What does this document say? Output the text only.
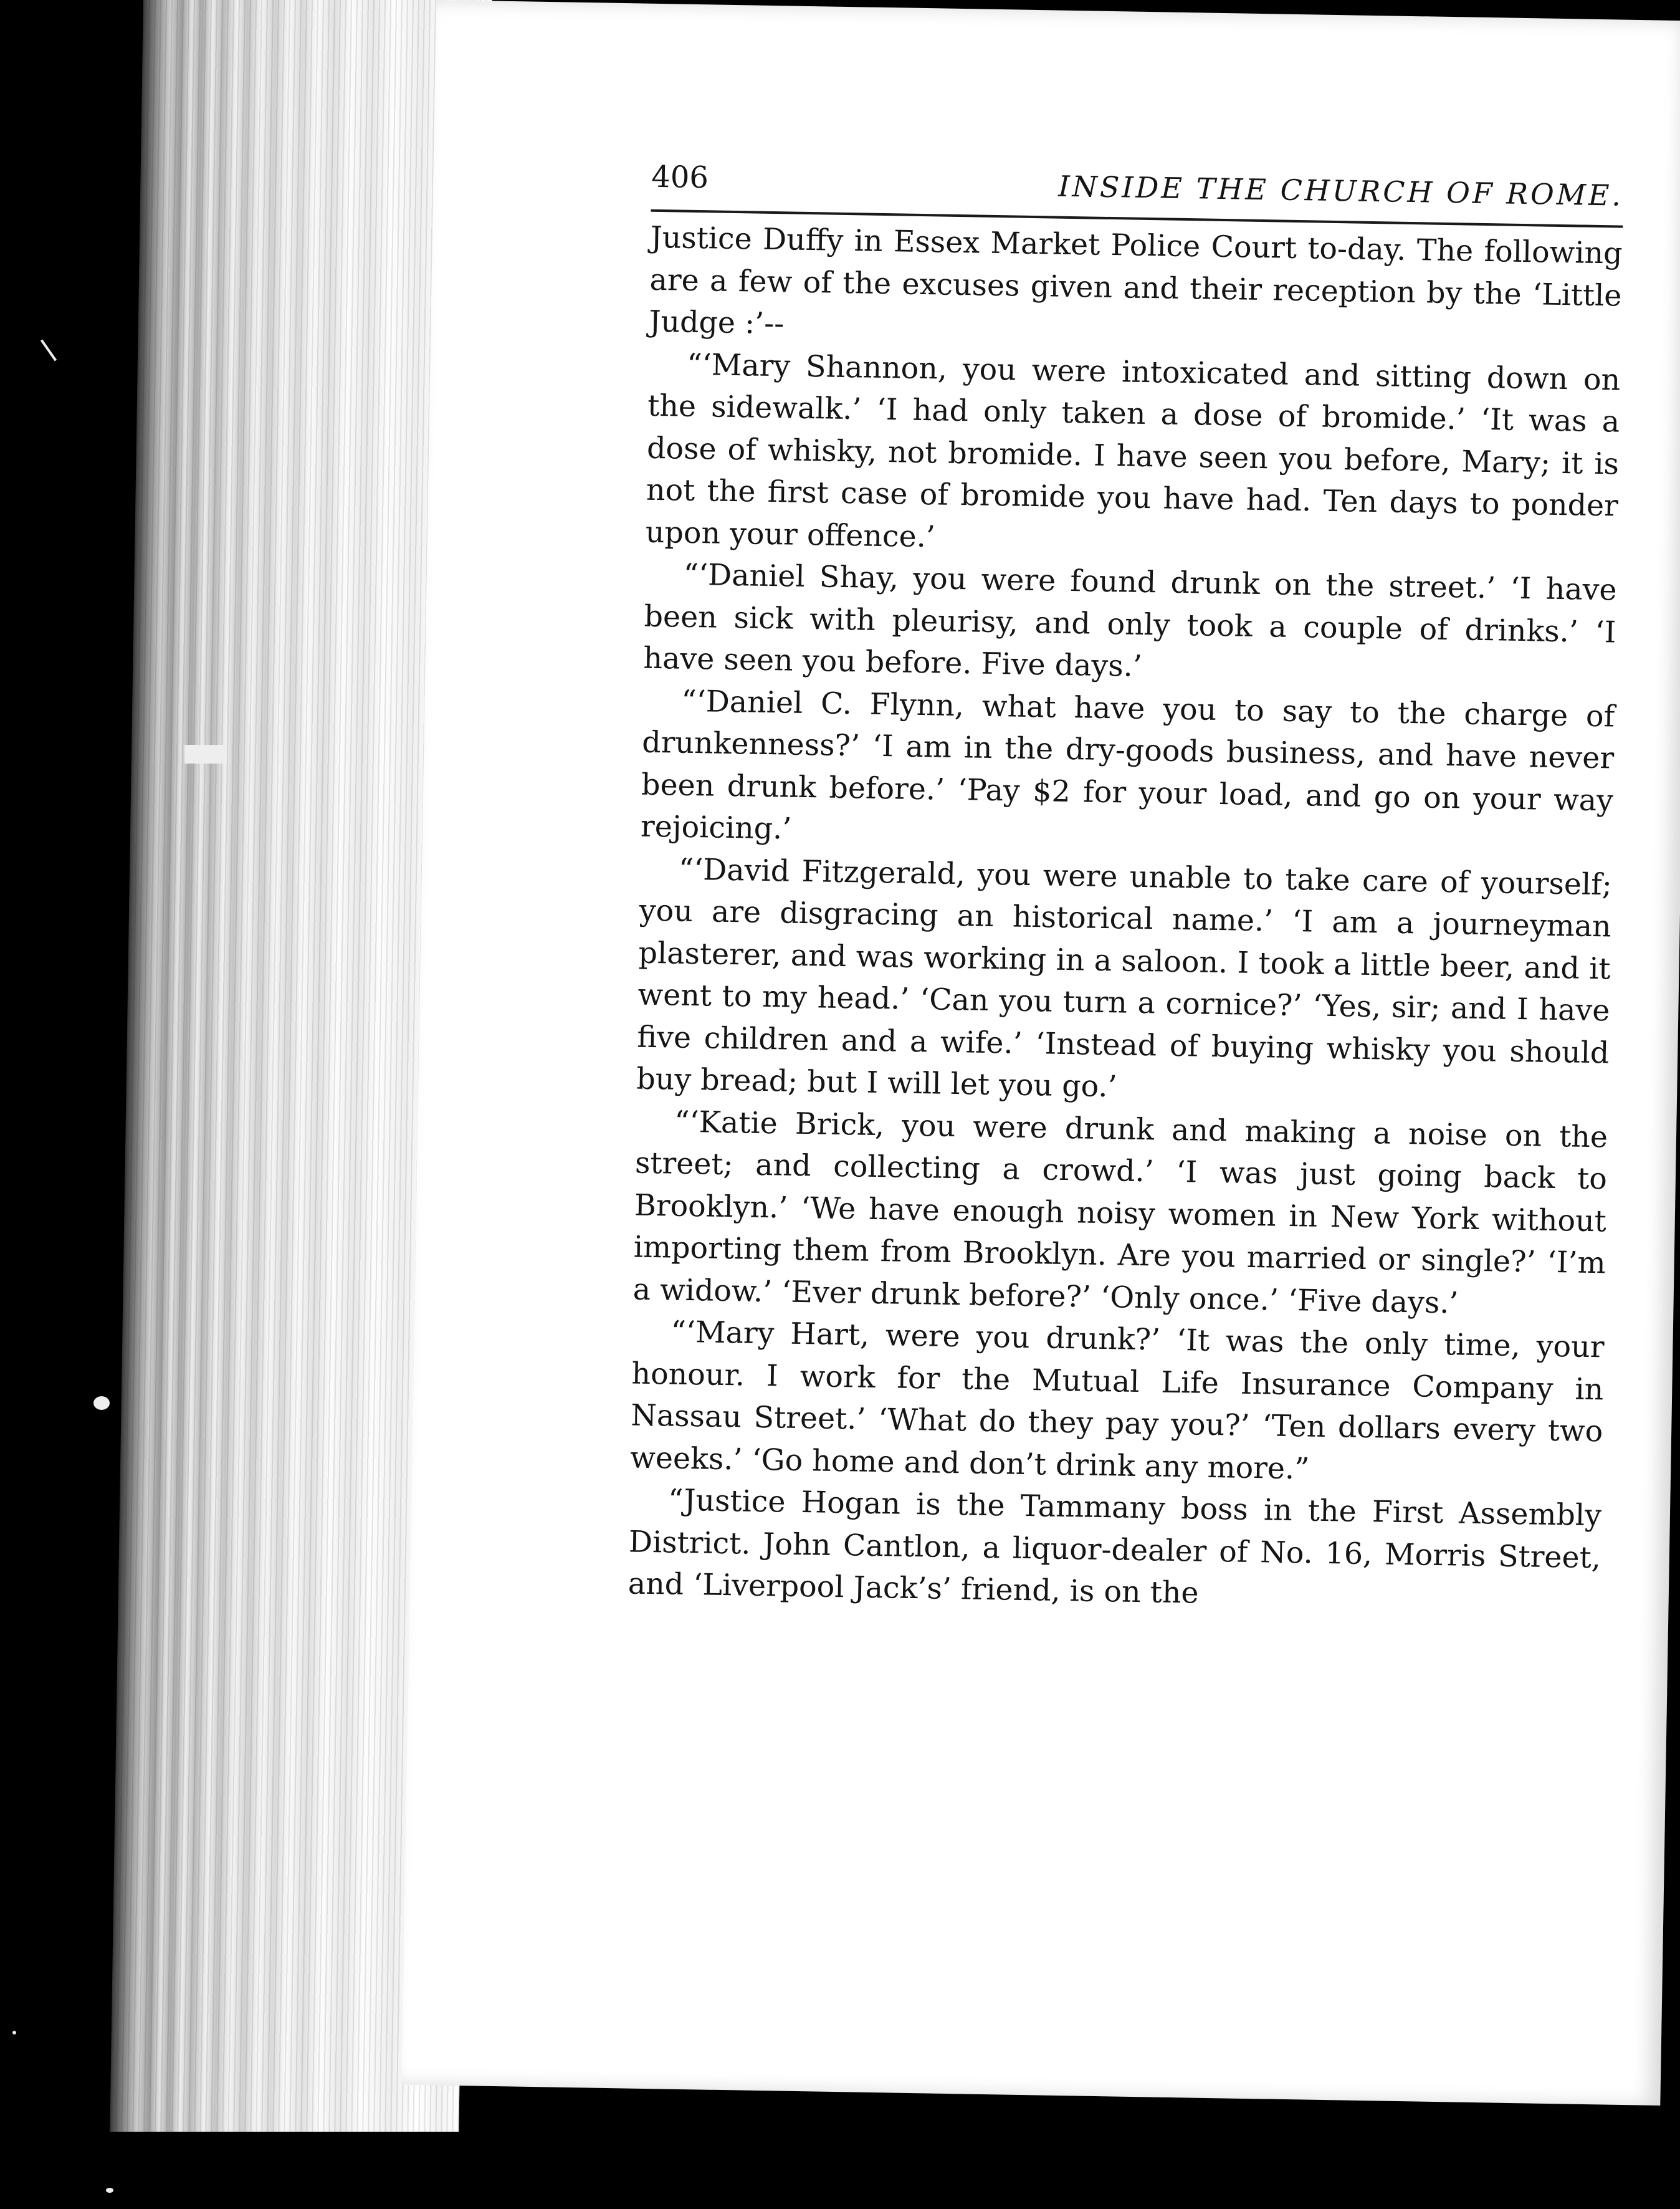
406	INSIDE THE CHURCH OF ROME.

Justice Duffy in Essex Market Police Court to-day. The following are a few of the excuses given and their reception by the ‘Little Judge :’--

“‘Mary Shannon, you were intoxicated and sitting down on the sidewalk.’ ‘I had only taken a dose of bromide.’ ‘It was a dose of whisky, not bromide. I have seen you before, Mary; it is not the first case of bromide you have had. Ten days to ponder upon your offence.’

“‘Daniel Shay, you were found drunk on the street.’ ‘I have been sick with pleurisy, and only took a couple of drinks.’ ‘I have seen you before. Five days.’

“‘Daniel C. Flynn, what have you to say to the charge of drunkenness?’ ‘I am in the dry-goods business, and have never been drunk before.’ ‘Pay $2 for your load, and go on your way rejoicing.’

“‘David Fitzgerald, you were unable to take care of yourself; you are disgracing an historical name.’ ‘I am a journeyman plasterer, and was working in a saloon. I took a little beer, and it went to my head.’ ‘Can you turn a cornice?’ ‘Yes, sir; and I have five children and a wife.’ ‘Instead of buying whisky you should buy bread; but I will let you go.’

“‘Katie Brick, you were drunk and making a noise on the street; and collecting a crowd.’ ‘I was just going back to Brooklyn.’ ‘We have enough noisy women in New York without importing them from Brooklyn. Are you married or single?’ ‘I’m a widow.’ ‘Ever drunk before?’ ‘Only once.’ ‘Five days.’

“‘Mary Hart, were you drunk?’ ‘It was the only time, your honour. I work for the Mutual Life Insurance Company in Nassau Street.’ ‘What do they pay you?’ ‘Ten dollars every two weeks.’ ‘Go home and don’t drink any more.”

“Justice Hogan is the Tammany boss in the First Assembly District. John Cantlon, a liquor-dealer of No. 16, Morris Street, and ‘Liverpool Jack’s’ friend, is on the
